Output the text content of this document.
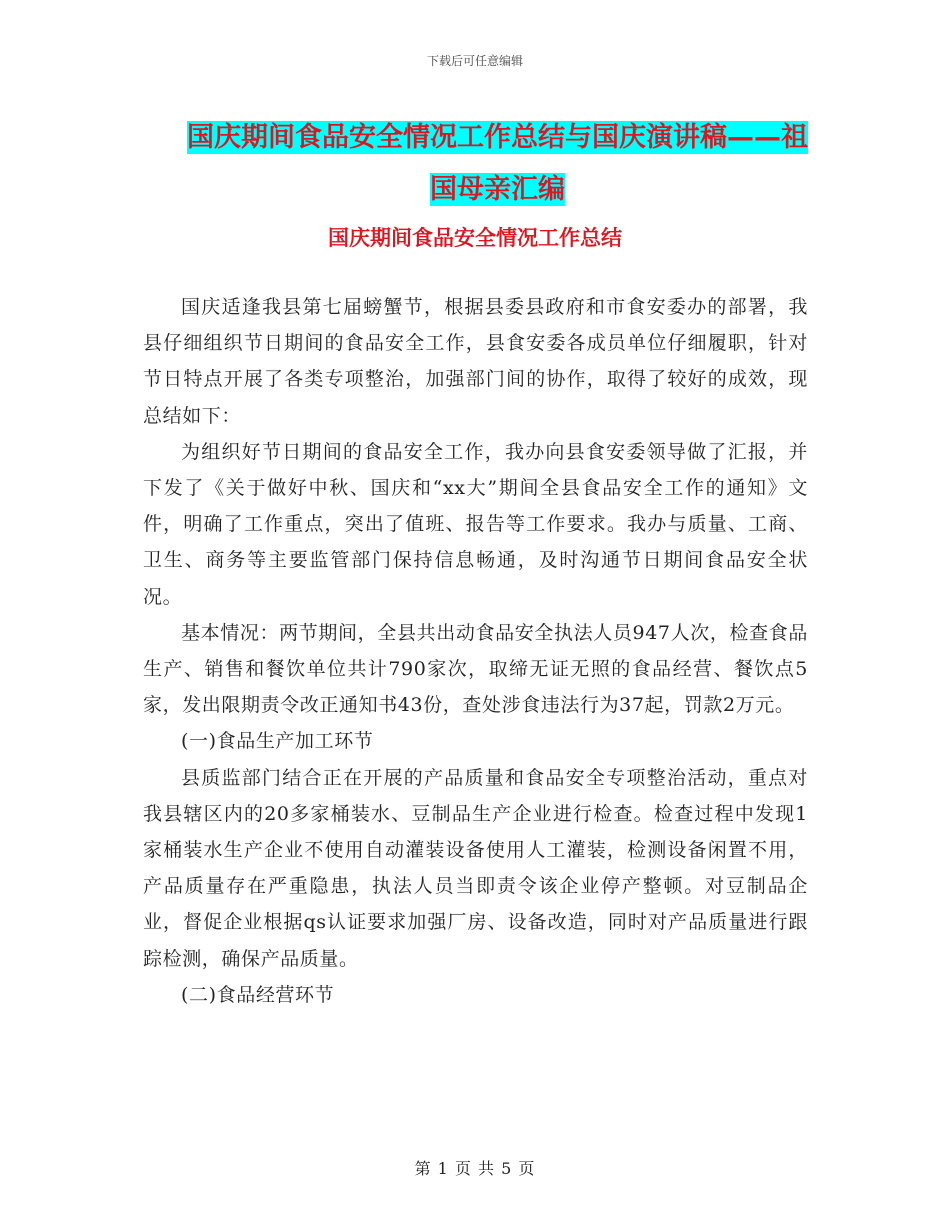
下载后可任意编辑
国庆期间食品安全情况工作总结与国庆演讲稿——祖国母亲汇编
国庆期间食品安全情况工作总结

国庆适逢我县第七届螃蟹节，根据县委县政府和市食安委办的部署，我县仔细组织节日期间的食品安全工作，县食安委各成员单位仔细履职，针对节日特点开展了各类专项整治，加强部门间的协作，取得了较好的成效，现总结如下：

为组织好节日期间的食品安全工作，我办向县食安委领导做了汇报，并下发了《关于做好中秋、国庆和“xx大”期间全县食品安全工作的通知》文件，明确了工作重点，突出了值班、报告等工作要求。我办与质量、工商、卫生、商务等主要监管部门保持信息畅通，及时沟通节日期间食品安全状况。

基本情况：两节期间，全县共出动食品安全执法人员947人次，检查食品生产、销售和餐饮单位共计790家次，取缔无证无照的食品经营、餐饮点5家，发出限期责令改正通知书43份，查处涉食违法行为37起，罚款2万元。

(一)食品生产加工环节

县质监部门结合正在开展的产品质量和食品安全专项整治活动，重点对我县辖区内的20多家桶装水、豆制品生产企业进行检查。检查过程中发现1家桶装水生产企业不使用自动灌装设备使用人工灌装，检测设备闲置不用，产品质量存在严重隐患，执法人员当即责令该企业停产整顿。对豆制品企业，督促企业根据qs认证要求加强厂房、设备改造，同时对产品质量进行跟踪检测，确保产品质量。

(二)食品经营环节

第 1 页 共 5 页
